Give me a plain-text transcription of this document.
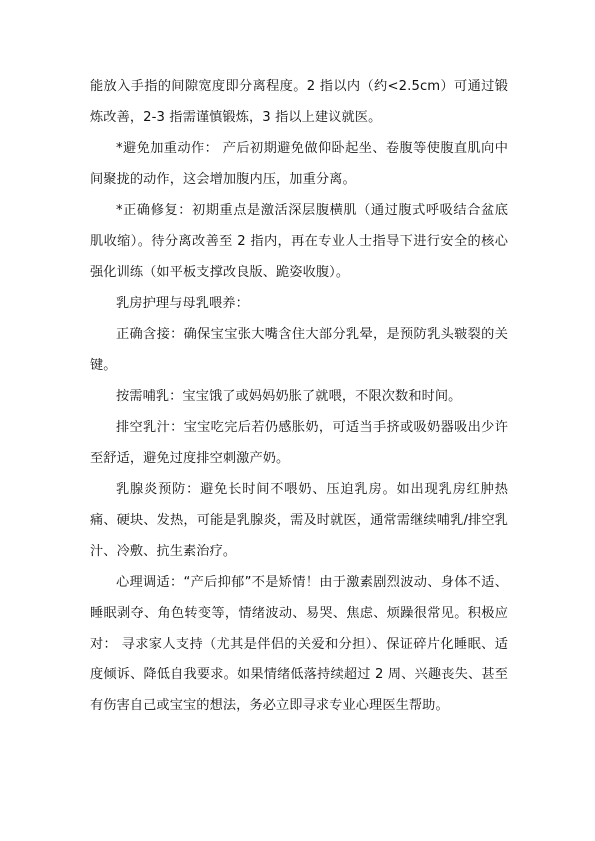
能放入手指的间隙宽度即分离程度。2 指以内（约<2.5cm）可通过锻炼改善，2-3 指需谨慎锻炼，3 指以上建议就医。

*避免加重动作： 产后初期避免做仰卧起坐、卷腹等使腹直肌向中间聚拢的动作，这会增加腹内压，加重分离。

*正确修复：初期重点是激活深层腹横肌（通过腹式呼吸结合盆底肌收缩）。待分离改善至 2 指内，再在专业人士指导下进行安全的核心强化训练（如平板支撑改良版、跪姿收腹）。

乳房护理与母乳喂养：

正确含接：确保宝宝张大嘴含住大部分乳晕，是预防乳头皲裂的关键。

按需哺乳：宝宝饿了或妈妈奶胀了就喂，不限次数和时间。

排空乳汁：宝宝吃完后若仍感胀奶，可适当手挤或吸奶器吸出少许至舒适，避免过度排空刺激产奶。

乳腺炎预防：避免长时间不喂奶、压迫乳房。如出现乳房红肿热痛、硬块、发热，可能是乳腺炎，需及时就医，通常需继续哺乳/排空乳汁、冷敷、抗生素治疗。

心理调适：“产后抑郁”不是矫情！由于激素剧烈波动、身体不适、睡眠剥夺、角色转变等，情绪波动、易哭、焦虑、烦躁很常见。积极应对： 寻求家人支持（尤其是伴侣的关爱和分担）、保证碎片化睡眠、适度倾诉、降低自我要求。如果情绪低落持续超过 2 周、兴趣丧失、甚至有伤害自己或宝宝的想法，务必立即寻求专业心理医生帮助。
